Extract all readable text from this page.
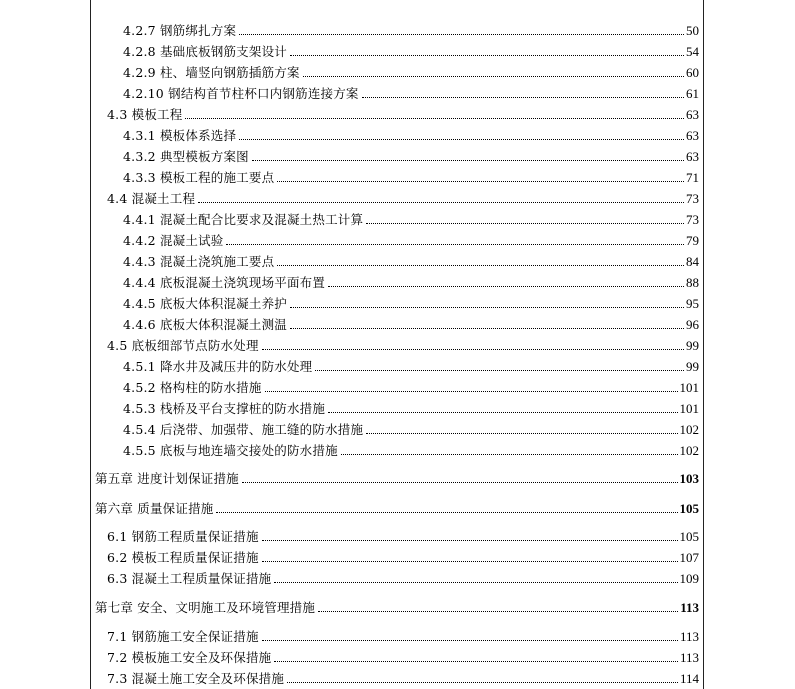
4.2.7 钢筋绑扎方案	50
4.2.8 基础底板钢筋支架设计	54
4.2.9 柱、墙竖向钢筋插筋方案	60
4.2.10 钢结构首节柱杯口内钢筋连接方案	61
4.3 模板工程	63
4.3.1 模板体系选择	63
4.3.2 典型模板方案图	63
4.3.3 模板工程的施工要点	71
4.4 混凝土工程	73
4.4.1 混凝土配合比要求及混凝土热工计算	73
4.4.2 混凝土试验	79
4.4.3 混凝土浇筑施工要点	84
4.4.4 底板混凝土浇筑现场平面布置	88
4.4.5 底板大体积混凝土养护	95
4.4.6 底板大体积混凝土测温	96
4.5 底板细部节点防水处理	99
4.5.1 降水井及减压井的防水处理	99
4.5.2 格构柱的防水措施	101
4.5.3 栈桥及平台支撑桩的防水措施	101
4.5.4 后浇带、加强带、施工缝的防水措施	102
4.5.5 底板与地连墙交接处的防水措施	102
第五章 进度计划保证措施	103
第六章 质量保证措施	105
6.1 钢筋工程质量保证措施	105
6.2 模板工程质量保证措施	107
6.3 混凝土工程质量保证措施	109
第七章 安全、文明施工及环境管理措施	113
7.1 钢筋施工安全保证措施	113
7.2 模板施工安全及环保措施	113
7.3 混凝土施工安全及环保措施	114
